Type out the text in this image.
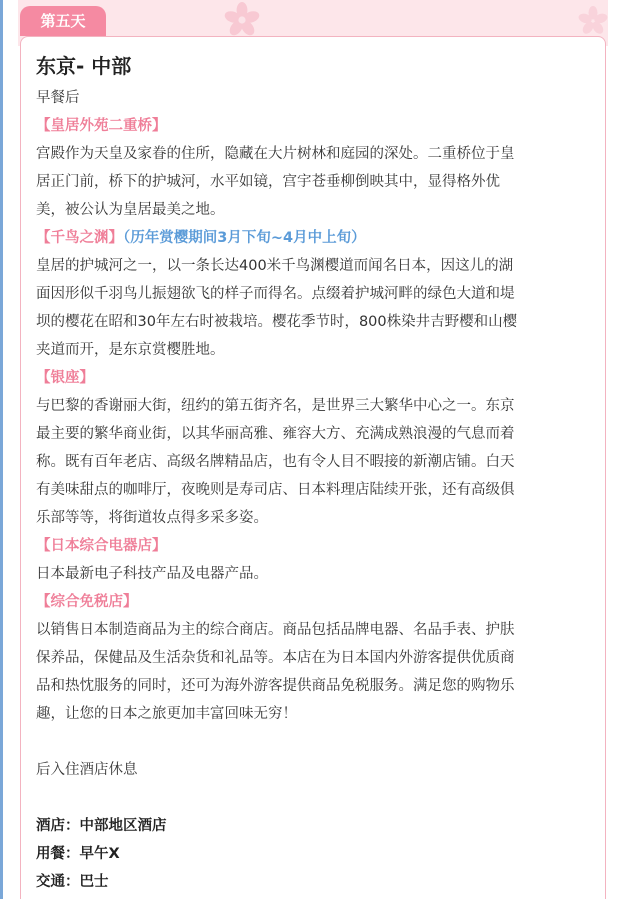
第五天
东京- 中部
早餐后
【皇居外苑二重桥】
宫殿作为天皇及家眷的住所，隐藏在大片树林和庭园的深处。二重桥位于皇
居正门前，桥下的护城河，水平如镜，宫宇苍垂柳倒映其中，显得格外优
美，被公认为皇居最美之地。
【千鸟之渊】（历年赏樱期间3月下旬~4月中上旬）
皇居的护城河之一，以一条长达400米千鸟渊樱道而闻名日本，因这儿的湖
面因形似千羽鸟儿振翅欲飞的样子而得名。点缀着护城河畔的绿色大道和堤
坝的樱花在昭和30年左右时被栽培。樱花季节时，800株染井吉野樱和山樱
夹道而开，是东京赏樱胜地。
【银座】
与巴黎的香谢丽大街，纽约的第五街齐名，是世界三大繁华中心之一。东京
最主要的繁华商业街，以其华丽高雅、雍容大方、充满成熟浪漫的气息而着
称。既有百年老店、高级名牌精品店，也有令人目不暇接的新潮店铺。白天
有美味甜点的咖啡厅，夜晚则是寿司店、日本料理店陆续开张，还有高级俱
乐部等等，将街道妆点得多采多姿。
【日本综合电器店】
日本最新电子科技产品及电器产品。
【综合免税店】
以销售日本制造商品为主的综合商店。商品包括品牌电器、名品手表、护肤
保养品，保健品及生活杂货和礼品等。本店在为日本国内外游客提供优质商
品和热忱服务的同时，还可为海外游客提供商品免税服务。满足您的购物乐
趣，让您的日本之旅更加丰富回味无穷！
后入住酒店休息
酒店：中部地区酒店
用餐：早午X
交通：巴士
